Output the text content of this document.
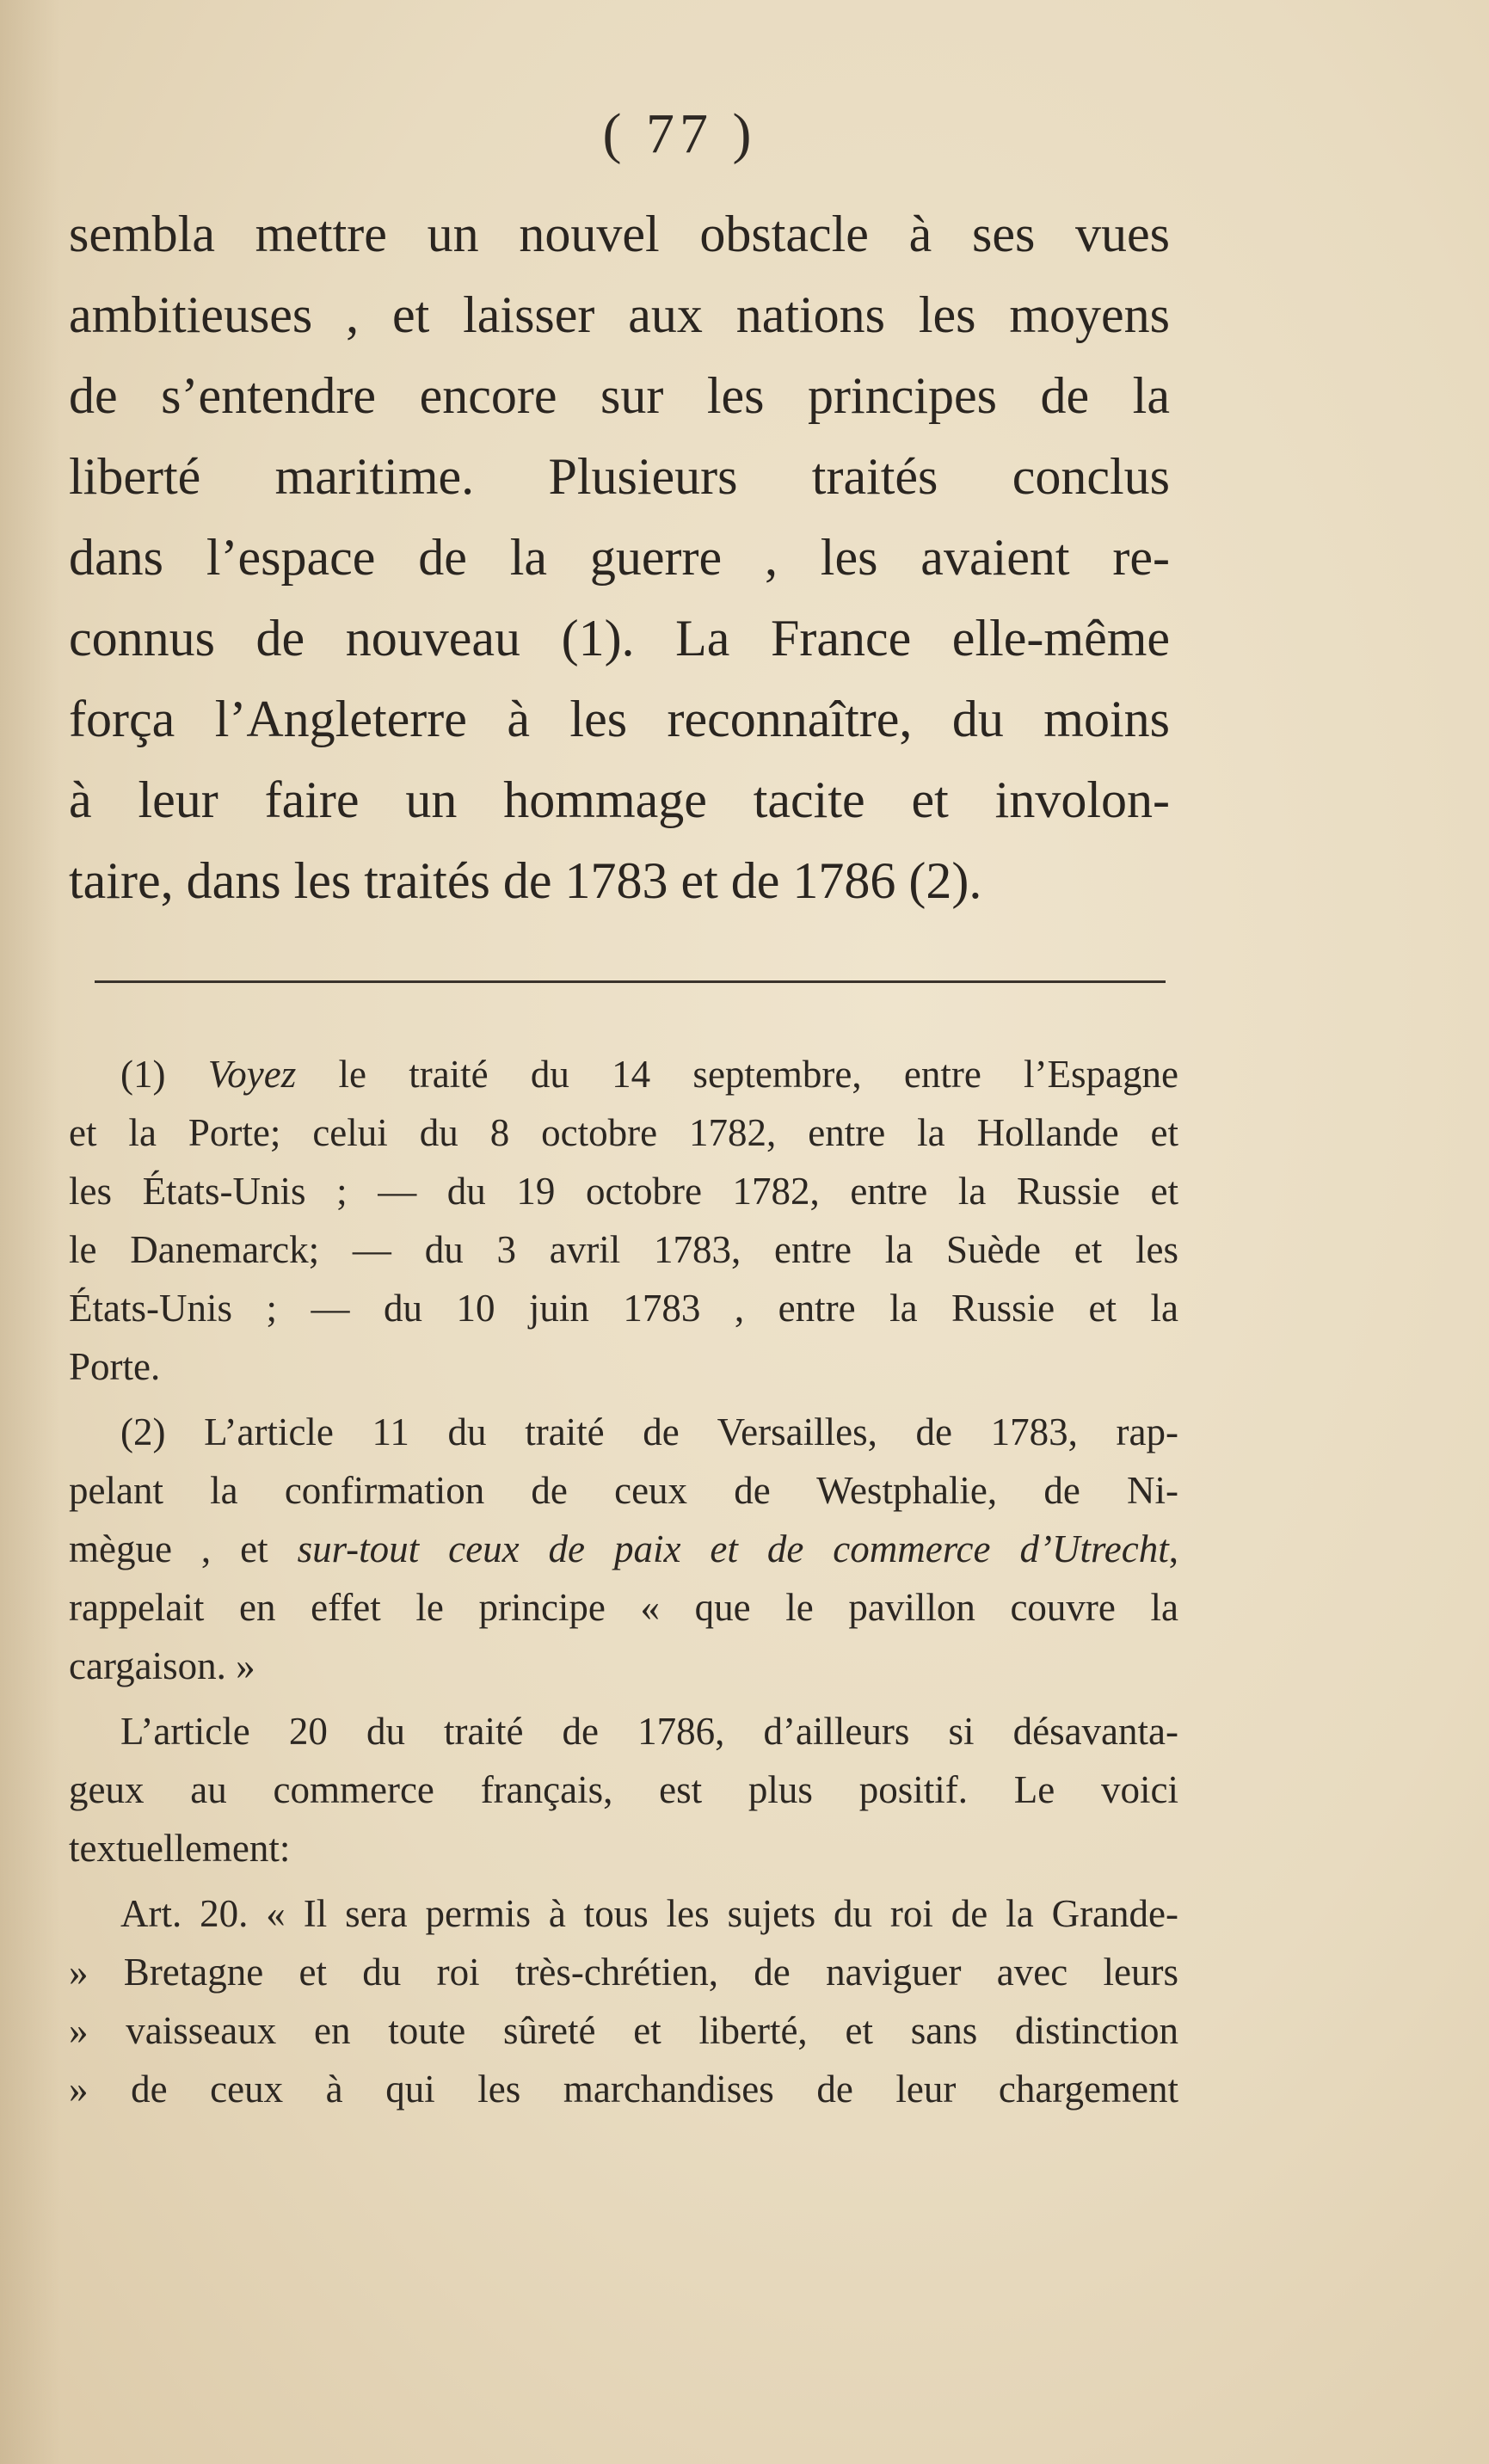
( 77 )
sembla mettre un nouvel obstacle à ses vues
ambitieuses , et laisser aux nations les moyens
de s’entendre encore sur les principes de la
liberté maritime. Plusieurs traités conclus
dans l’espace de la guerre , les avaient re-
connus de nouveau (1). La France elle-même
força l’Angleterre à les reconnaître, du moins
à leur faire un hommage tacite et involon-
taire, dans les traités de 1783 et de 1786 (2).
(1) Voyez le traité du 14 septembre, entre l’Espagne
et la Porte; celui du 8 octobre 1782, entre la Hollande et
les États-Unis ; — du 19 octobre 1782, entre la Russie et
le Danemarck; — du 3 avril 1783, entre la Suède et les
États-Unis ; — du 10 juin 1783 , entre la Russie et la
Porte.
(2) L’article 11 du traité de Versailles, de 1783, rap-
pelant la confirmation de ceux de Westphalie, de Ni-
mègue , et sur-tout ceux de paix et de commerce d’Utrecht,
rappelait en effet le principe « que le pavillon couvre la
cargaison. »
L’article 20 du traité de 1786, d’ailleurs si désavanta-
geux au commerce français, est plus positif. Le voici
textuellement:
Art. 20. « Il sera permis à tous les sujets du roi de la Grande-
» Bretagne et du roi très-chrétien, de naviguer avec leurs
» vaisseaux en toute sûreté et liberté, et sans distinction
» de ceux à qui les marchandises de leur chargement
